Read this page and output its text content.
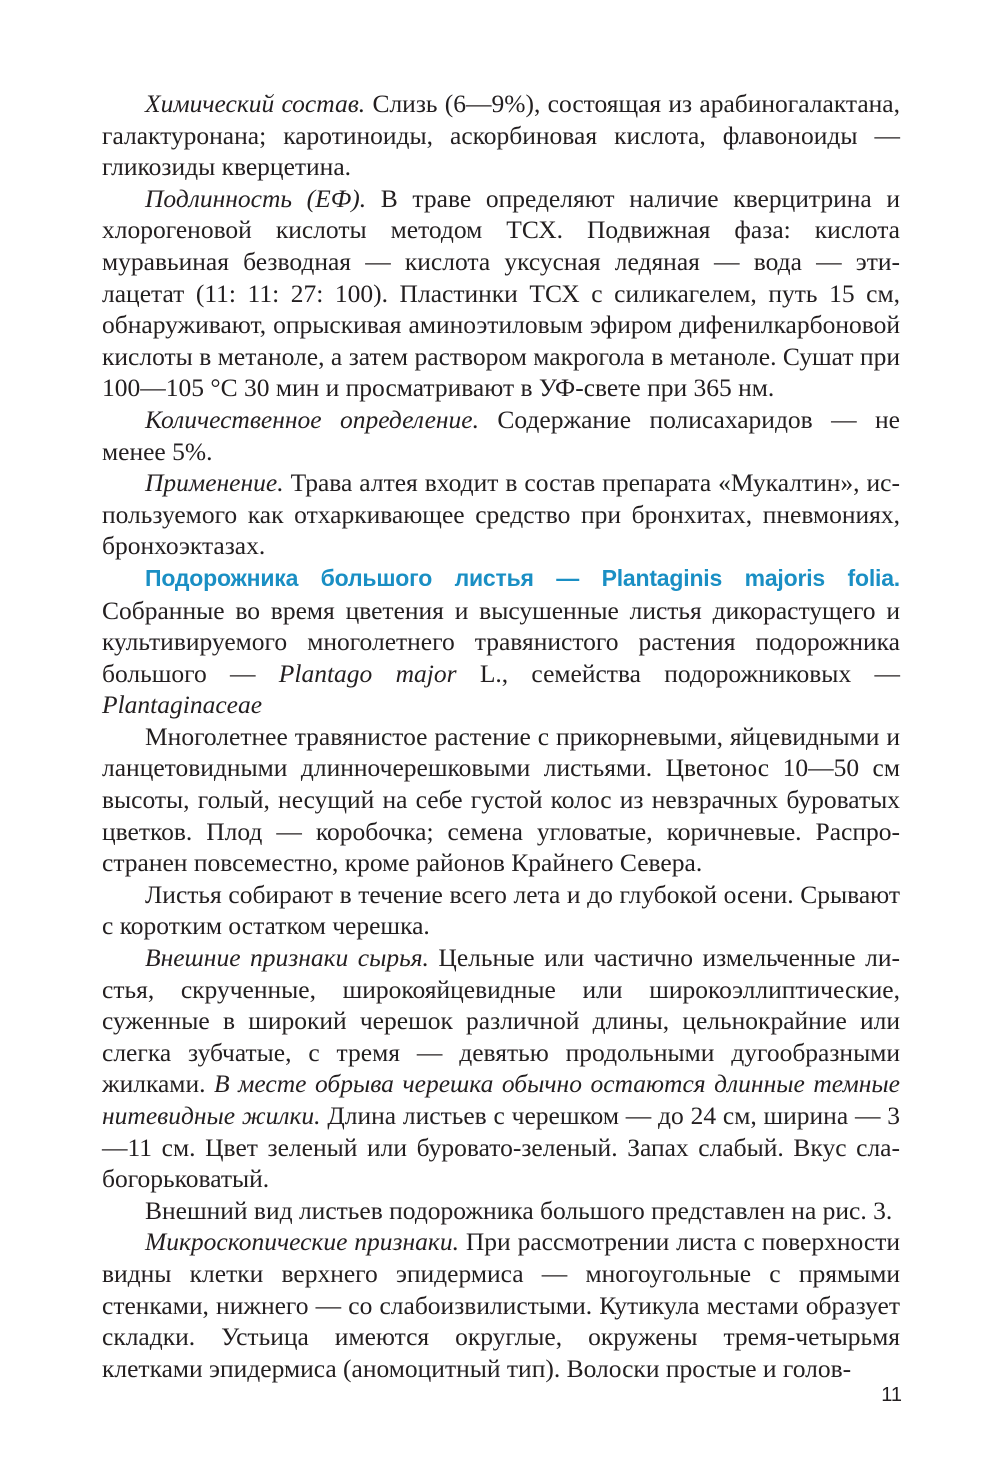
Химический состав. Слизь (6—9%), состоящая из арабиногалактана, галактуронана; каротиноиды, аскорбиновая кислота, флавоноиды — гликозиды кверцетина.

Подлинность (ЕФ). В траве определяют наличие кверцитрина и хлорогеновой кислоты методом ТСХ. Подвижная фаза: кислота муравьиная безводная — кислота уксусная ледяная — вода — этилацетат (11: 11: 27: 100). Пластинки ТСХ с силикагелем, путь 15 см, обнаруживают, опрыскивая аминоэтиловым эфиром дифенилкарбоновой кислоты в метаноле, а затем раствором макрогола в метаноле. Сушат при 100—105 °С 30 мин и просматривают в УФ-свете при 365 нм.

Количественное определение. Содержание полисахаридов — не менее 5%.

Применение. Трава алтея входит в состав препарата «Мукалтин», используемого как отхаркивающее средство при бронхитах, пневмониях, бронхоэктазах.

Подорожника большого листья — Plantaginis majoris folia. Собранные во время цветения и высушенные листья дикорастущего и культивируемого многолетнего травянистого растения подорожника большого — Plantago major L., семейства подорожниковых — Plantaginaceae

Многолетнее травянистое растение с прикорневыми, яйцевидными и ланцетовидными длинночерешковыми листьями. Цветонос 10—50 см высоты, голый, несущий на себе густой колос из невзрачных буроватых цветков. Плод — коробочка; семена угловатые, коричневые. Распространен повсеместно, кроме районов Крайнего Севера.

Листья собирают в течение всего лета и до глубокой осени. Срывают с коротким остатком черешка.

Внешние признаки сырья. Цельные или частично измельченные листья, скрученные, широкояйцевидные или широкоэллиптические, суженные в широкий черешок различной длины, цельнокрайние или слегка зубчатые, с тремя — девятью продольными дугообразными жилками. В месте обрыва черешка обычно остаются длинные темные нитевидные жилки. Длина листьев с черешком — до 24 см, ширина — 3—11 см. Цвет зеленый или буровато-зеленый. Запах слабый. Вкус слабогорьковатый.

Внешний вид листьев подорожника большого представлен на рис. 3.

Микроскопические признаки. При рассмотрении листа с поверхности видны клетки верхнего эпидермиса — многоугольные с прямыми стенками, нижнего — со слабоизвилистыми. Кутикула местами образует складки. Устьица имеются округлые, окружены тремя-четырьмя клетками эпидермиса (аномоцитный тип). Волоски простые и голов-

11
